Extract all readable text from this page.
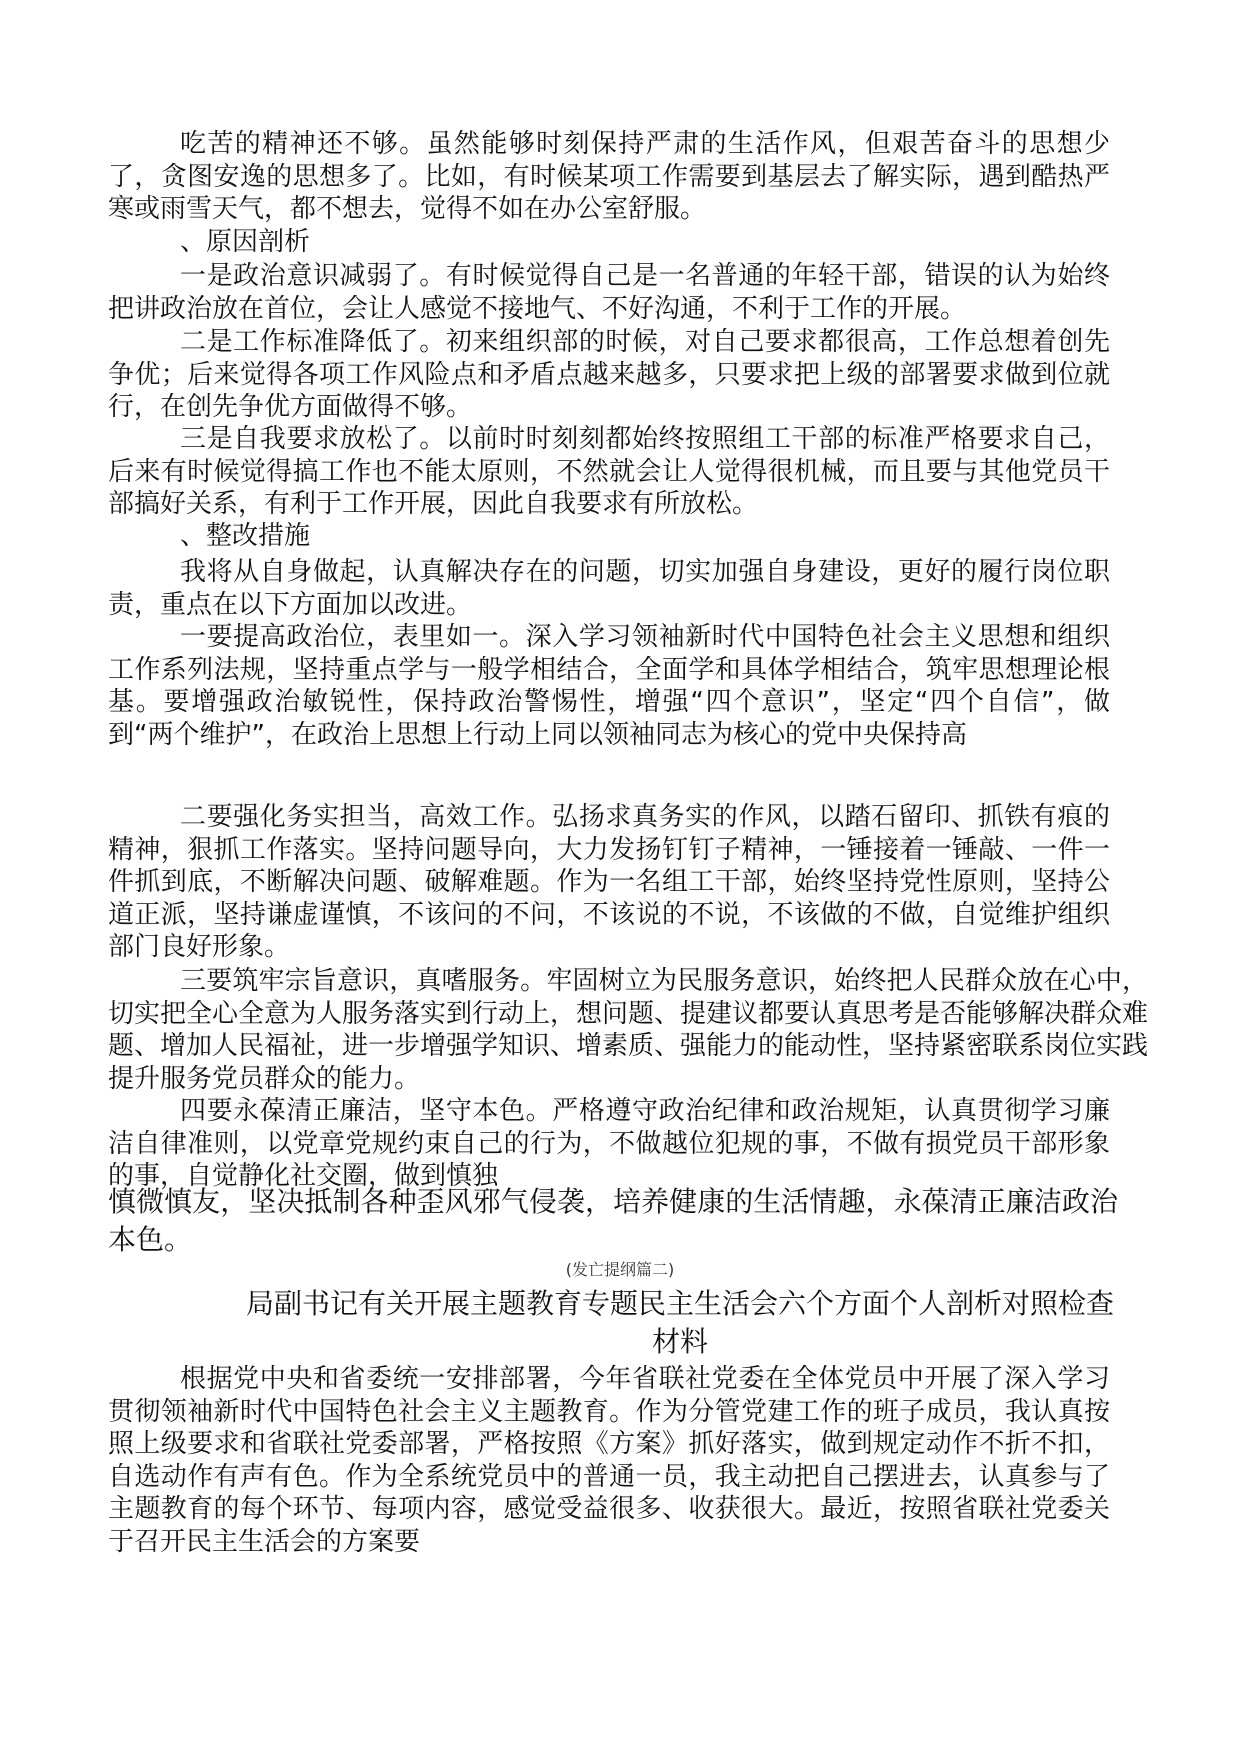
吃苦的精神还不够。虽然能够时刻保持严肃的生活作风，但艰苦奋斗的思想少了，贪图安逸的思想多了。比如，有时候某项工作需要到基层去了解实际，遇到酷热严寒或雨雪天气，都不想去，觉得不如在办公室舒服。

、原因剖析

一是政治意识减弱了。有时候觉得自己是一名普通的年轻干部，错误的认为始终把讲政治放在首位，会让人感觉不接地气、不好沟通，不利于工作的开展。

二是工作标准降低了。初来组织部的时候，对自己要求都很高，工作总想着创先争优；后来觉得各项工作风险点和矛盾点越来越多，只要求把上级的部署要求做到位就行，在创先争优方面做得不够。

三是自我要求放松了。以前时时刻刻都始终按照组工干部的标准严格要求自己，后来有时候觉得搞工作也不能太原则，不然就会让人觉得很机械，而且要与其他党员干部搞好关系，有利于工作开展，因此自我要求有所放松。

、整改措施

我将从自身做起，认真解决存在的问题，切实加强自身建设，更好的履行岗位职责，重点在以下方面加以改进。

一要提高政治位，表里如一。深入学习领袖新时代中国特色社会主义思想和组织工作系列法规，坚持重点学与一般学相结合，全面学和具体学相结合，筑牢思想理论根基。要增强政治敏锐性，保持政治警惕性，增强“四个意识”，坚定“四个自信”，做到“两个维护”，在政治上思想上行动上同以领袖同志为核心的党中央保持高

二要强化务实担当，高效工作。弘扬求真务实的作风，以踏石留印、抓铁有痕的精神，狠抓工作落实。坚持问题导向，大力发扬钉钉子精神，一锤接着一锤敲、一件一件抓到底，不断解决问题、破解难题。作为一名组工干部，始终坚持党性原则，坚持公道正派，坚持谦虚谨慎，不该问的不问，不该说的不说，不该做的不做，自觉维护组织部门良好形象。

三要筑牢宗旨意识，真嗜服务。牢固树立为民服务意识，始终把人民群众放在心中，切实把全心全意为人服务落实到行动上，想问题、提建议都要认真思考是否能够解决群众难题、增加人民福祉，进一步增强学知识、增素质、强能力的能动性，坚持紧密联系岗位实践提升服务党员群众的能力。

四要永葆清正廉洁，坚守本色。严格遵守政治纪律和政治规矩，认真贯彻学习廉洁自律准则，以党章党规约束自己的行为，不做越位犯规的事，不做有损党员干部形象的事，自觉静化社交圈，做到慎独

慎微慎友，坚决抵制各种歪风邪气侵袭，培养健康的生活情趣，永葆清正廉洁政治本色。

(发亡提纲篇二)

局副书记有关开展主题教育专题民主生活会六个方面个人剖析对照检查材料

根据党中央和省委统一安排部署，今年省联社党委在全体党员中开展了深入学习贯彻领袖新时代中国特色社会主义主题教育。作为分管党建工作的班子成员，我认真按照上级要求和省联社党委部署，严格按照《方案》抓好落实，做到规定动作不折不扣，自选动作有声有色。作为全系统党员中的普通一员，我主动把自己摆进去，认真参与了主题教育的每个环节、每项内容，感觉受益很多、收获很大。最近，按照省联社党委关于召开民主生活会的方案要
